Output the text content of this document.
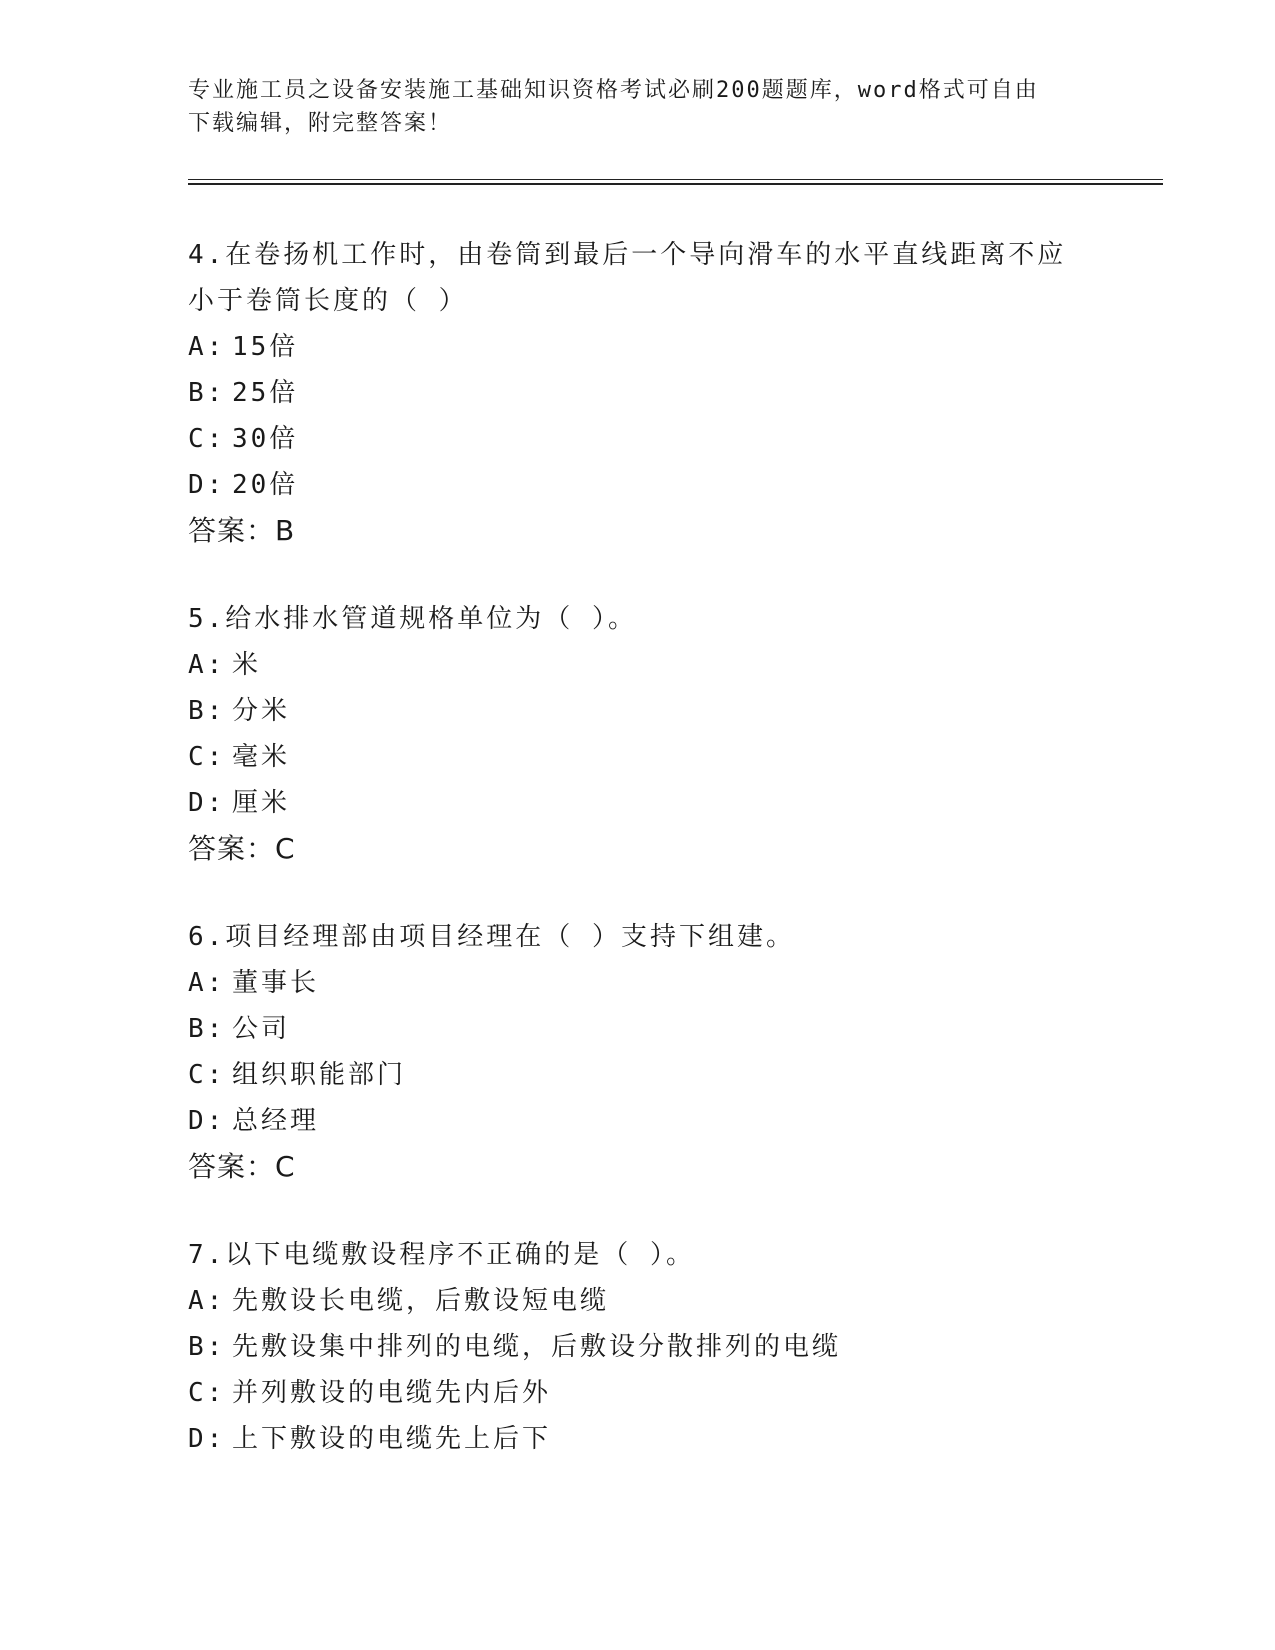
专业施工员之设备安装施工基础知识资格考试必刷200题题库，word格式可自由
下载编辑，附完整答案！
4.在卷扬机工作时，由卷筒到最后一个导向滑车的水平直线距离不应
小于卷筒长度的（ ）
A: 15倍
B: 25倍
C: 30倍
D: 20倍
答案：B
5.给水排水管道规格单位为（ ）。
A: 米
B: 分米
C: 毫米
D: 厘米
答案：C
6.项目经理部由项目经理在（ ）支持下组建。
A: 董事长
B: 公司
C: 组织职能部门
D: 总经理
答案：C
7.以下电缆敷设程序不正确的是（ ）。
A: 先敷设长电缆，后敷设短电缆
B: 先敷设集中排列的电缆，后敷设分散排列的电缆
C: 并列敷设的电缆先内后外
D: 上下敷设的电缆先上后下
